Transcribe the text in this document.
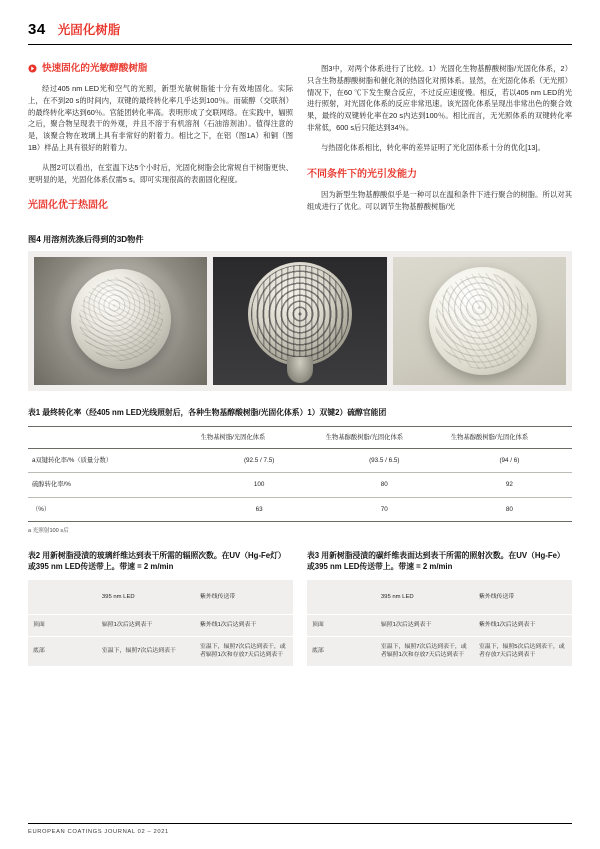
34 光固化树脂
快速固化的光敏醇酸树脂

经过405 nm LED光和空气的光照，新型光敏树脂能十分有效地固化。实际上，在不到20 s的时间内，双键的最终转化率几乎达到100％。而硫醇（交联剂）的最终转化率达到60％。官能团转化率高。表明形成了交联网络。在实践中，辐照之后，聚合物呈现表干的外观，并且不溶于有机溶剂（石油溶剂油）。值得注意的是，该聚合物在玻璃上具有非常好的附着力。相比之下，在铝（图1A）和铜（图1B）样品上具有很好的附着力。

从图2可以看出，在室温下达5个小时后，光固化树脂会比常规自干树脂更快、更明显的是，光固化体系仅需5 s。即可实现很高的表面固化程度。

光固化优于热固化

图3中，对两个体系进行了比较。1）光固化生物基醇酸树脂/光固化体系，2）只含生物基醇酸树脂和催化剂的热固化对照体系。显然，在光固化体系（无光照）情况下，在60 ℃下发生聚合反应，不过反应速度慢。相反，若以405 nm LED的光进行照射，对光固化体系的反应非常迅速。该光固化体系呈现出非常出色的聚合效果，最终的双键转化率在20 s内达到100％。相比而言，无光照体系的双键转化率非常低，600 s后只能达到34％。

与热固化体系相比，转化率的差异证明了光化固体系十分的优化[13]。

不同条件下的光引发能力

因为新型生物基醇酸似乎是一种可以在温和条件下进行聚合的树脂。所以对其组成进行了优化。可以调节生物基醇酸树脂/光

图4 用溶剂洗涤后得到的3D物件
表1 最终转化率（经405 nm LED光线照射后，各种生物基醇酸树脂/光固化体系）1）双键2）硫醇官能团
	生物基树脂/光固化体系	生物基醇酸树脂/光固化体系	生物基醇酸树脂/光固化体系
a双键转化率/%（质量分数）	(92.5 / 7.5)	(93.5 / 6.5)	(94 / 6)
硫醇转化率/%	100	80	92
（%）	63	70	80
a 光照射100 s后
表2 用新树脂浸渍的玻璃纤维达到表干所需的辐照次数。在UV（Hg-Fe灯）或395 nm LED传送带上。带速 = 2 m/min
	395 nm LED	紫外线传送带
顶面	辐照1次后达到表干	紫外线1次后达到表干
底部	室温下，辐照7次后达到表干	室温下，辐照7次后达到表干，或者辐照1次和存放7天后达到表干
表3 用新树脂浸渍的碳纤维表面达到表干所需的照射次数。在UV（Hg-Fe）或395 nm LED传送带上。带速 = 2 m/min
	395 nm LED	紫外线传送带
顶面	辐照1次后达到表干	紫外线1次后达到表干
底部	室温下，辐照7次后达到表干，或者辐照1次和存放7天后达到表干	室温下，辐照5次后达到表干，或者存放7天后达到表干
EUROPEAN COATINGS JOURNAL 02 – 2021
